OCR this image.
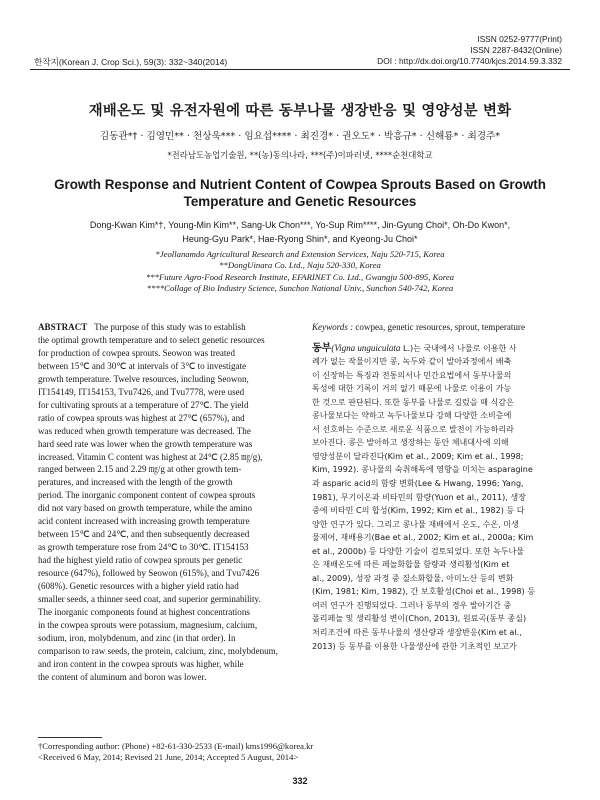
ISSN 0252-9777(Print)
ISSN 2287-8432(Online)
DOI : http://dx.doi.org/10.7740/kjcs.2014.59.3.332
한작지(Korean J. Crop Sci.), 59(3): 332~340(2014)
재배온도 및 유전자원에 따른 동부나물 생장반응 및 영양성분 변화
김동관*† · 김영민** · 천상욱*** · 임요섭**** · 최진경* · 권오도* · 박흥규* · 신해룡* · 최경주*
*전라남도농업기술원, **(농)동의나라, ***(주)이파러넷, ****순천대학교
Growth Response and Nutrient Content of Cowpea Sprouts Based on Growth Temperature and Genetic Resources
Dong-Kwan Kim*†, Young-Min Kim**, Sang-Uk Chon***, Yo-Sup Rim****, Jin-Gyung Choi*, Oh-Do Kwon*,
Heung-Gyu Park*, Hae-Ryong Shin*, and Kyeong-Ju Choi*
*Jeollanamdo Agricultural Research and Extension Services, Naju 520-715, Korea
**DongUinara Co. Ltd., Naju 520-330, Korea
***Future Agro-Food Research Institute, EFARINET Co. Ltd., Gwangju 500-895, Korea
****Collage of Bio Industry Science, Sunchon National Univ., Sunchon 540-742, Korea
ABSTRACT The purpose of this study was to establish
the optimal growth temperature and to select genetic resources
for production of cowpea sprouts. Seowon was treated
between 15℃ and 30℃ at intervals of 3℃ to investigate
growth temperature. Twelve resources, including Seowon,
IT154149, IT154153, Tvu7426, and Tvu7778, were used
for cultivating sprouts at a temperature of 27℃. The yield
ratio of cowpea sprouts was highest at 27℃ (657%), and
was reduced when growth temperature was decreased. The
hard seed rate was lower when the growth temperature was
increased. Vitamin C content was highest at 24℃ (2.85 ㎎/g),
ranged between 2.15 and 2.29 ㎎/g at other growth tem-
peratures, and increased with the length of the growth
period. The inorganic component content of cowpea sprouts
did not vary based on growth temperature, while the amino
acid content increased with increasing growth temperature
between 15℃ and 24℃, and then subsequently decreased
as growth temperature rose from 24℃ to 30℃. IT154153
had the highest yield ratio of cowpea sprouts per genetic
resource (647%), followed by Seowon (615%), and Tvu7426
(608%). Genetic resources with a higher yield ratio had
smaller seeds, a thinner seed coat, and superior germinability.
The inorganic components found at highest concentrations
in the cowpea sprouts were potassium, magnesium, calcium,
sodium, iron, molybdenum, and zinc (in that order). In
comparison to raw seeds, the protein, calcium, zinc, molybdenum,
and iron content in the cowpea sprouts was higher, while
the content of aluminum and boron was lower.
Keywords : cowpea, genetic resources, sprout, temperature
동부(Vigna unguiculata L.)는 국내에서 나물로 이용한 사
례가 없는 작물이지만 콩, 녹두와 같이 발아과정에서 배축
이 신장하는 특징과 전통의서나 민간요법에서 동부나물의
독성에 대한 기록이 거의 없기 때문에 나물로 이용이 가능
한 것으로 판단된다. 또한 동부를 나물로 길렀을 때 식감은
콩나물보다는 약하고 녹두나물보다 강해 다양한 소비층에
서 선호하는 수준으로 새로운 식품으로 발전이 가능하리라
보아진다. 콩은 발아하고 생장하는 동안 체내대사에 의해
영양성분이 달라진다(Kim et al., 2009; Kim et al., 1998;
Kim, 1992). 콩나물의 숙취해독에 영향을 미치는 asparagine
과 asparic acid의 함량 변화(Lee & Hwang, 1996; Yang,
1981), 무기이온과 비타민의 함량(Yuon et al., 2011), 생장
중에 비타민 C의 합성(Kim, 1992; Kim et al., 1982) 등 다
양한 연구가 있다. 그리고 콩나물 재배에서 온도, 수온, 미생
물제어, 재배용기(Bae et al., 2002; Kim et al., 2000a; Kim
et al., 2000b) 등 다양한 기술이 검토되었다. 또한 녹두나물
은 재배온도에 따른 페놀화합물 함량과 생리활성(Kim et
al., 2009), 성장 과정 중 질소화합물, 아미노산 등의 변화
(Kim, 1981; Kim, 1982), 간 보호활성(Choi et al., 1998) 등
여러 연구가 진행되었다. 그러나 동부의 경우 발아기간 중
폴리페놀 및 생리활성 변이(Chon, 2013), 원료곡(동부 종실)
처리조건에 따른 동부나물의 생산량과 생장반응(Kim et al.,
2013) 등 동부를 이용한 나물생산에 관한 기초적인 보고가
†Corresponding author: (Phone) +82-61-330-2533 (E-mail) kms1996@korea.kr
<Received 6 May, 2014; Revised 21 June, 2014; Accepted 5 August, 2014>
332
